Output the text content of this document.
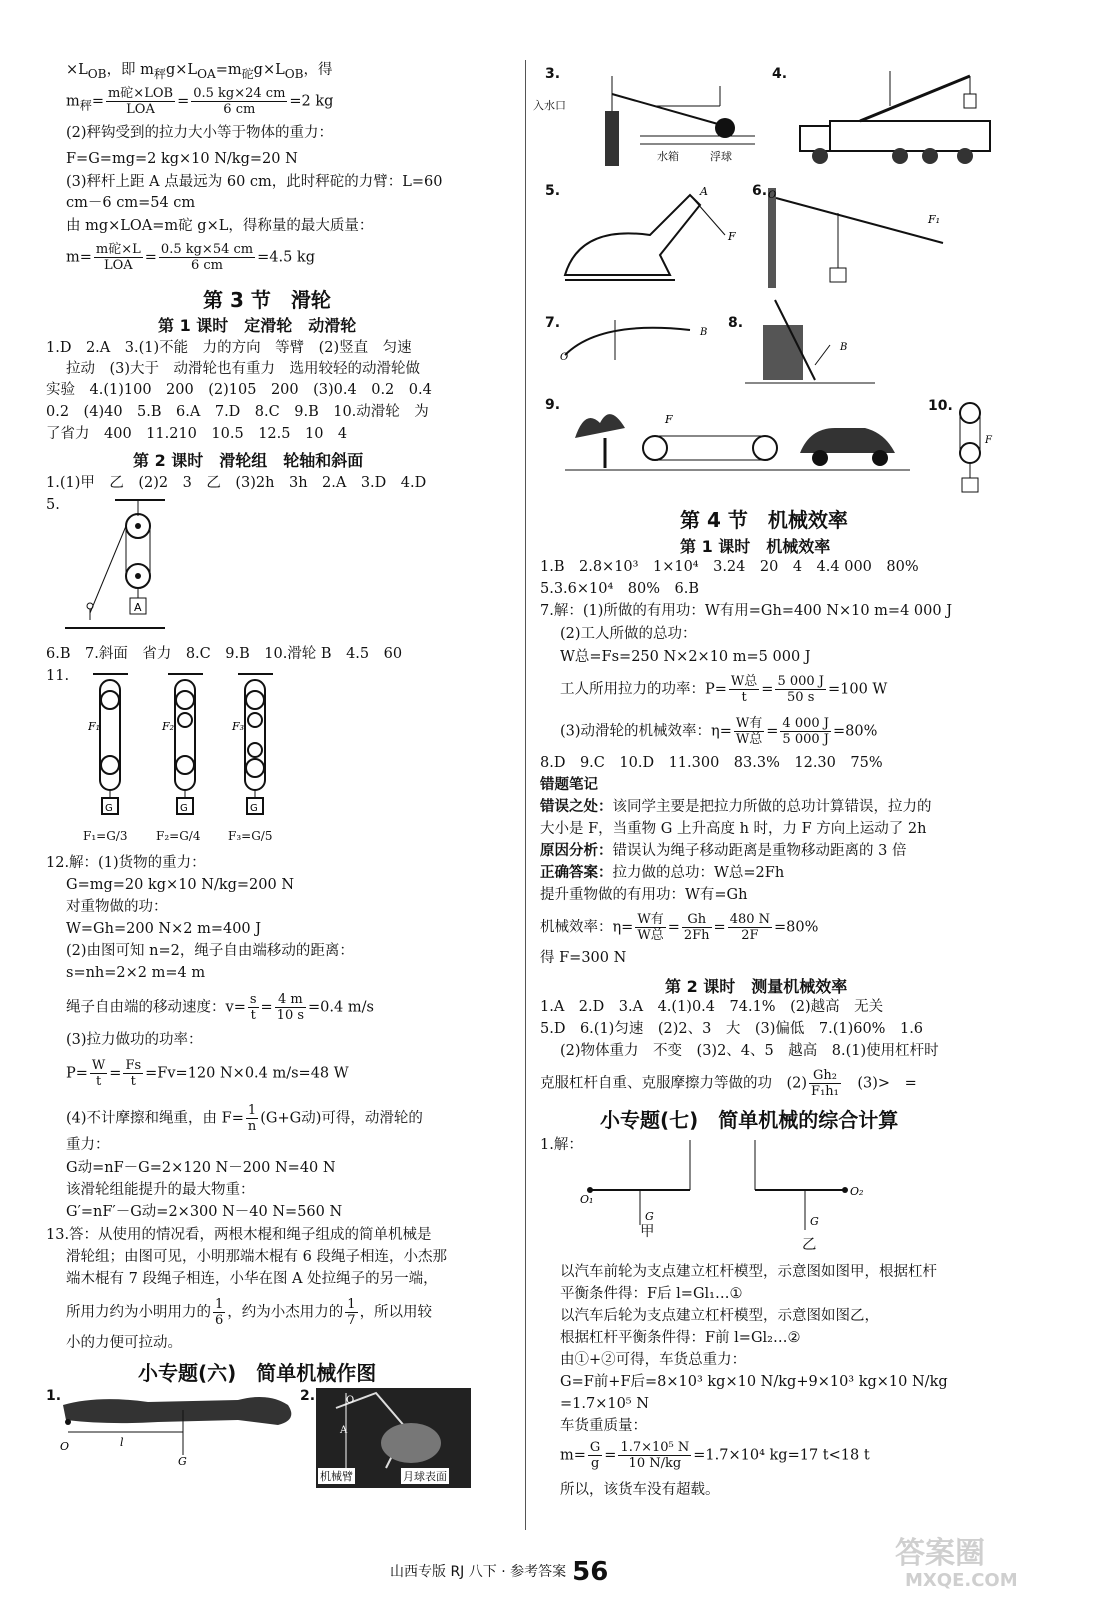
$\times L_{OB}$，即 $m_秤g\times L_{OA}=m_砣g\times L_{OB}$，得
$m_秤= \frac{\text{m砣×LOB}}{\text{LOA}} = \frac{0.5 kg\times 24 cm}{6 cm} =2$ kg
(2)秤钩受到的拉力大小等于物体的重力：
F=G=mg=2 kg×10 N/kg=20 N
(3)秤杆上距 A 点最远为 60 cm，此时秤砣的力臂：L=60
cm－6 cm=54 cm
由 mg×LOA=m砣 g×L，得称量的最大质量：
$m= \frac{\text{m砣×L}}{\text{LOA}} = \frac{0.5 kg\times 54 cm}{6 cm} =4.5$ kg
第 3 节　滑轮
第 1 课时　定滑轮　动滑轮
1.D　2.A　3.(1)不能　力的方向　等臂　(2)竖直　匀速
拉动　(3)大于　动滑轮也有重力　选用较轻的动滑轮做
实验　4.(1)100　200　(2)105　200　(3)0.4　0.2　0.4
0.2　(4)40　5.B　6.A　7.D　8.C　9.B　10.动滑轮　为
了省力　400　11.210　10.5　12.5　10　4
第 2 课时　滑轮组　轮轴和斜面
1.(1)甲　乙　(2)2　3　乙　(3)2h　3h　2.A　3.D　4.D
5.
A
6.B　7.斜面　省力　8.C　9.B　10.滑轮 B　4.5　60
11.
G	G	G
F₁	F₂	F₃
F₁=G/3 F₂=G/4 F₃=G/5
12.解：(1)货物的重力：
G=mg=20 kg×10 N/kg=200 N
对重物做的功：
W=Gh=200 N×2 m=400 J
(2)由图可知 n=2，绳子自由端移动的距离：
s=nh=2×2 m=4 m
绳子自由端的移动速度：$v= \frac{s}{t} = \frac{4 m}{10 s} =0.4$ m/s
(3)拉力做功的功率：
$P= \frac{W}{t} = \frac{Fs}{t} =Fv=120$ N×0.4 m/s=48 W
(4)不计摩擦和绳重，由 $F= \frac{1}{n} (G+G$动)可得，动滑轮的
重力：
G动=nF－G=2×120 N－200 N=40 N
该滑轮组能提升的最大物重：
G′=nF′－G动=2×300 N－40 N=560 N
13.答：从使用的情况看，两根木棍和绳子组成的简单机械是
滑轮组；由图可见，小明那端木棍有 6 段绳子相连，小杰那
端木棍有 7 段绳子相连，小华在图 A 处拉绳子的另一端，
所用力约为小明用力的 $\frac{1}{6}$ ，约为小杰用力的 $\frac{1}{7}$ ，所以用较
小的力便可拉动。
小专题(六)　简单机械作图
1.
O	l
G
2.
A
O
机械臂	月球表面
3.
入水口
水箱	浮球
4.
5.
F
A	6.
F₁
O
7.
B
O
8.
B
9.
F
10.
F
第 4 节　机械效率
第 1 课时　机械效率
1.B　2.8×10³　1×10⁴　3.24　20　4　4.4 000　80%
5.3.6×10⁴　80%　6.B
7.解：(1)所做的有用功：W有用=Gh=400 N×10 m=4 000 J
(2)工人所做的总功：
W总=Fs=250 N×2×10 m=5 000 J
工人所用拉力的功率：$P= \frac{\text{W总}}{t} = \frac{5 000 J}{50 s} =100$ W
(3)动滑轮的机械效率：$\eta= \frac{\text{W有}}{\text{W总}} = \frac{4 000 J}{5 000 J} =80\%$
8.D　9.C　10.D　11.300　83.3%　12.30　75%
错题笔记
错误之处：该同学主要是把拉力所做的总功计算错误，拉力的
大小是 F，当重物 G 上升高度 h 时，力 F 方向上运动了 2h
原因分析：错误认为绳子移动距离是重物移动距离的 3 倍
正确答案：拉力做的总功：W总=2Fh
提升重物做的有用功：W有=Gh
机械效率：$\eta= \frac{\text{W有}}{\text{W总}} = \frac{Gh}{2Fh} = \frac{480 N}{2F} =80\%$
得 F=300 N
第 2 课时　测量机械效率
1.A　2.D　3.A　4.(1)0.4　74.1%　(2)越高　无关
5.D　6.(1)匀速　(2)2、3　大　(3)偏低　7.(1)60%　1.6
(2)物体重力　不变　(3)2、4、5　越高　8.(1)使用杠杆时
克服杠杆自重、克服摩擦力等做的功　$(2) \frac{\text{Gh₂}}{\text{F₁h₁}}$ 　(3)>　=
小专题(七)　简单机械的综合计算
1.解：
O₁
G
O₂
G
甲
乙
以汽车前轮为支点建立杠杆模型，示意图如图甲，根据杠杆
平衡条件得：F后 l=Gl₁…①
以汽车后轮为支点建立杠杆模型，示意图如图乙，
根据杠杆平衡条件得：F前 l=Gl₂…②
由①+②可得，车货总重力：
G=F前+F后=8×10³ kg×10 N/kg+9×10³ kg×10 N/kg
=1.7×10⁵ N
车货重质量：
$m= \frac{G}{g} = \frac{\text{1.7×10⁵ N}}{10 N/kg} =1.7\times 10^4$ kg=17 t<18 t
所以，该货车没有超载。
山西专版 RJ 八下 · 参考答案 56
答案圈
MXQE.COM
